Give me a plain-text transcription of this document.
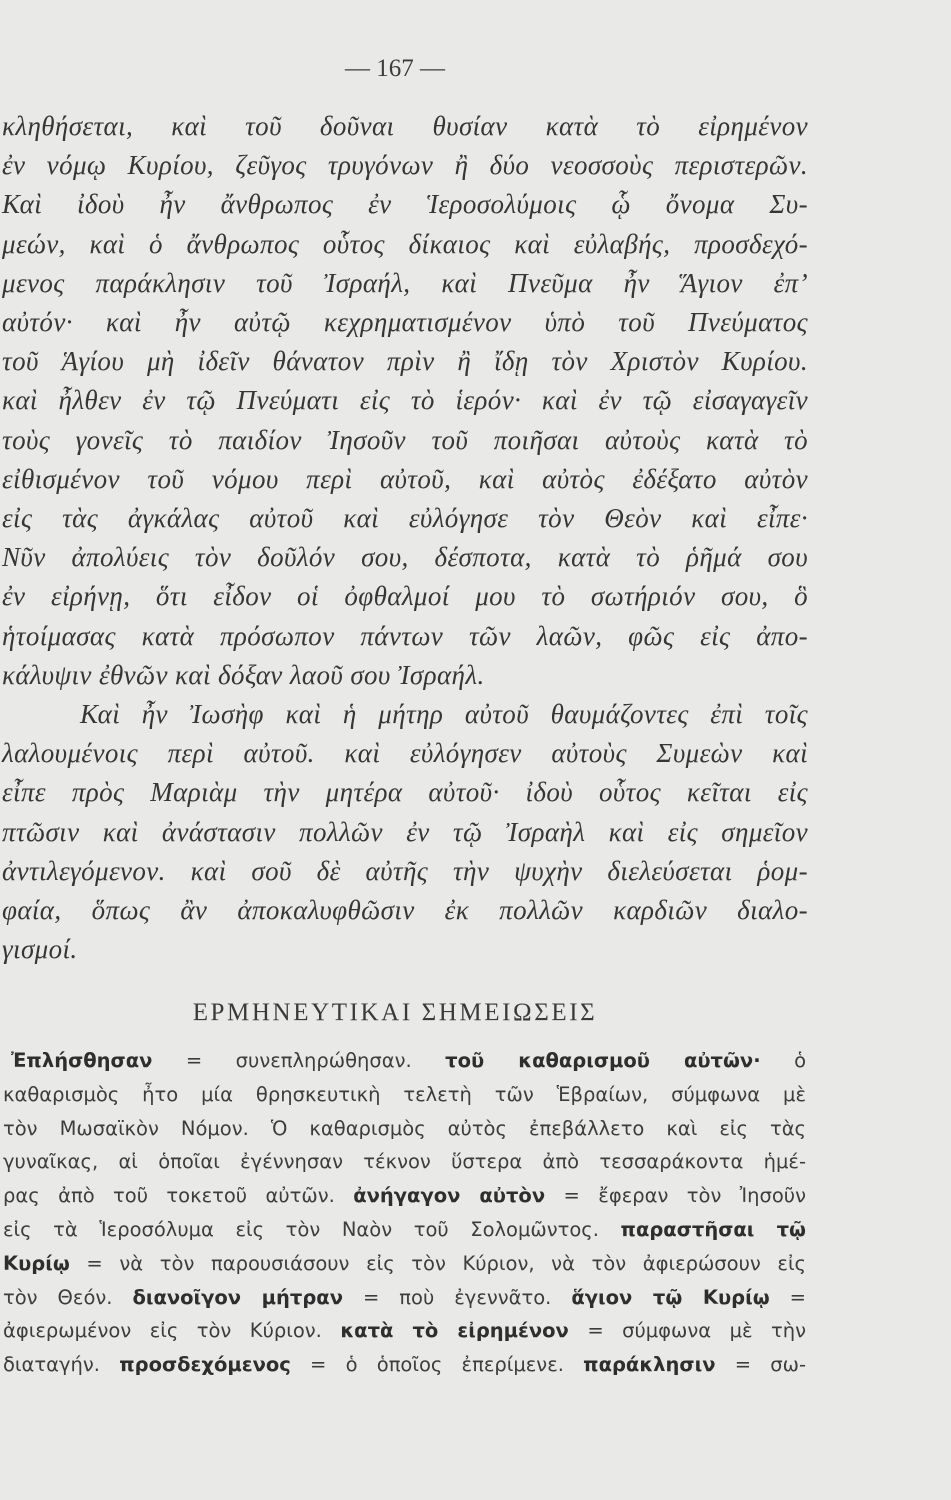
— 167 —
κληθήσεται, καὶ τοῦ δοῦναι θυσίαν κατὰ τὸ εἰρημένον
ἐν νόμῳ Κυρίου, ζεῦγος τρυγόνων ἢ δύο νεοσσοὺς περιστερῶν.
Καὶ ἰδοὺ ἦν ἄνθρωπος ἐν Ἱεροσολύμοις ᾧ ὄνομα Συ-
μεών, καὶ ὁ ἄνθρωπος οὗτος δίκαιος καὶ εὐλαβής, προσδεχό-
μενος παράκλησιν τοῦ Ἰσραήλ, καὶ Πνεῦμα ἦν Ἅγιον ἐπ’
αὐτόν· καὶ ἦν αὐτῷ κεχρηματισμένον ὑπὸ τοῦ Πνεύματος
τοῦ Ἁγίου μὴ ἰδεῖν θάνατον πρὶν ἢ ἴδῃ τὸν Χριστὸν Κυρίου.
καὶ ἦλθεν ἐν τῷ Πνεύματι εἰς τὸ ἱερόν· καὶ ἐν τῷ εἰσαγαγεῖν
τοὺς γονεῖς τὸ παιδίον Ἰησοῦν τοῦ ποιῆσαι αὐτοὺς κατὰ τὸ
εἰθισμένον τοῦ νόμου περὶ αὐτοῦ, καὶ αὐτὸς ἐδέξατο αὐτὸν
εἰς τὰς ἀγκάλας αὐτοῦ καὶ εὐλόγησε τὸν Θεὸν καὶ εἶπε·
Νῦν ἀπολύεις τὸν δοῦλόν σου, δέσποτα, κατὰ τὸ ῥῆμά σου
ἐν εἰρήνῃ, ὅτι εἶδον οἱ ὀφθαλμοί μου τὸ σωτήριόν σου, ὃ
ἡτοίμασας κατὰ πρόσωπον πάντων τῶν λαῶν, φῶς εἰς ἀπο-
κάλυψιν ἐθνῶν καὶ δόξαν λαοῦ σου Ἰσραήλ.
Καὶ ἦν Ἰωσὴφ καὶ ἡ μήτηρ αὐτοῦ θαυμάζοντες ἐπὶ τοῖς
λαλουμένοις περὶ αὐτοῦ. καὶ εὐλόγησεν αὐτοὺς Συμεὼν καὶ
εἶπε πρὸς Μαριὰμ τὴν μητέρα αὐτοῦ· ἰδοὺ οὗτος κεῖται εἰς
πτῶσιν καὶ ἀνάστασιν πολλῶν ἐν τῷ Ἰσραὴλ καὶ εἰς σημεῖον
ἀντιλεγόμενον. καὶ σοῦ δὲ αὐτῆς τὴν ψυχὴν διελεύσεται ῥομ-
φαία, ὅπως ἂν ἀποκαλυφθῶσιν ἐκ πολλῶν καρδιῶν διαλο-
γισμοί.
ΕΡΜΗΝΕΥΤΙΚΑΙ ΣΗΜΕΙΩΣΕΙΣ
Ἐπλήσθησαν = συνεπληρώθησαν. τοῦ καθαρισμοῦ αὐτῶν· ὁ
καθαρισμὸς ἦτο μία θρησκευτικὴ τελετὴ τῶν Ἑβραίων, σύμφωνα μὲ
τὸν Μωσαϊκὸν Νόμον. Ὁ καθαρισμὸς αὐτὸς ἐπεβάλλετο καὶ εἰς τὰς
γυναῖκας, αἱ ὁποῖαι ἐγέννησαν τέκνον ὕστερα ἀπὸ τεσσαράκοντα ἡμέ-
ρας ἀπὸ τοῦ τοκετοῦ αὐτῶν. ἀνήγαγον αὐτὸν = ἔφεραν τὸν Ἰησοῦν
εἰς τὰ Ἱεροσόλυμα εἰς τὸν Ναὸν τοῦ Σολομῶντος. παραστῆσαι τῷ
Κυρίῳ = νὰ τὸν παρουσιάσουν εἰς τὸν Κύριον, νὰ τὸν ἀφιερώσουν εἰς
τὸν Θεόν. διανοῖγον μήτραν = ποὺ ἐγεννᾶτο. ἅγιον τῷ Κυρίῳ =
ἀφιερωμένον εἰς τὸν Κύριον. κατὰ τὸ εἰρημένον = σύμφωνα μὲ τὴν
διαταγήν. προσδεχόμενος = ὁ ὁποῖος ἐπερίμενε. παράκλησιν = σω-
